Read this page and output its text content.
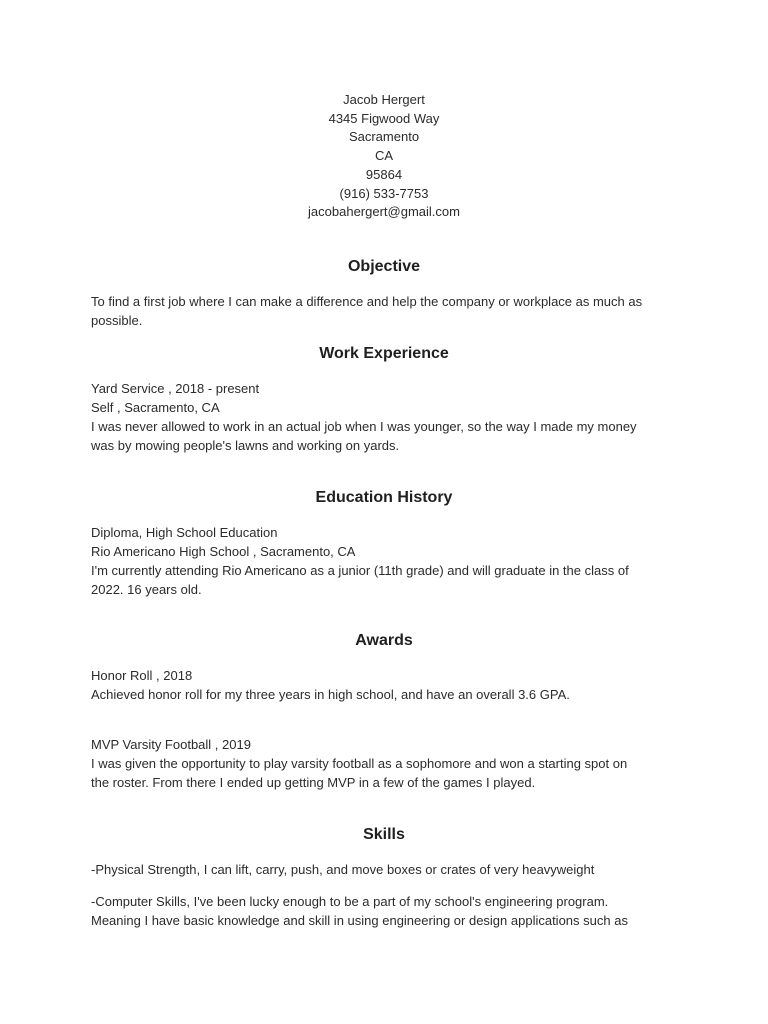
Jacob Hergert
4345 Figwood Way
Sacramento
CA
95864
(916) 533-7753
jacobahergert@gmail.com
Objective
To find a first job where I can make a difference and help the company or workplace as much as
possible.
Work Experience
Yard Service , 2018 - present
Self , Sacramento, CA
I was never allowed to work in an actual job when I was younger, so the way I made my money
was by mowing people's lawns and working on yards.
Education History
Diploma, High School Education
Rio Americano High School , Sacramento, CA
I'm currently attending Rio Americano as a junior (11th grade) and will graduate in the class of
2022. 16 years old.
Awards
Honor Roll , 2018
Achieved honor roll for my three years in high school, and have an overall 3.6 GPA.
MVP Varsity Football , 2019
I was given the opportunity to play varsity football as a sophomore and won a starting spot on
the roster. From there I ended up getting MVP in a few of the games I played.
Skills
-Physical Strength, I can lift, carry, push, and move boxes or crates of very heavyweight
-Computer Skills, I've been lucky enough to be a part of my school's engineering program.
Meaning I have basic knowledge and skill in using engineering or design applications such as
